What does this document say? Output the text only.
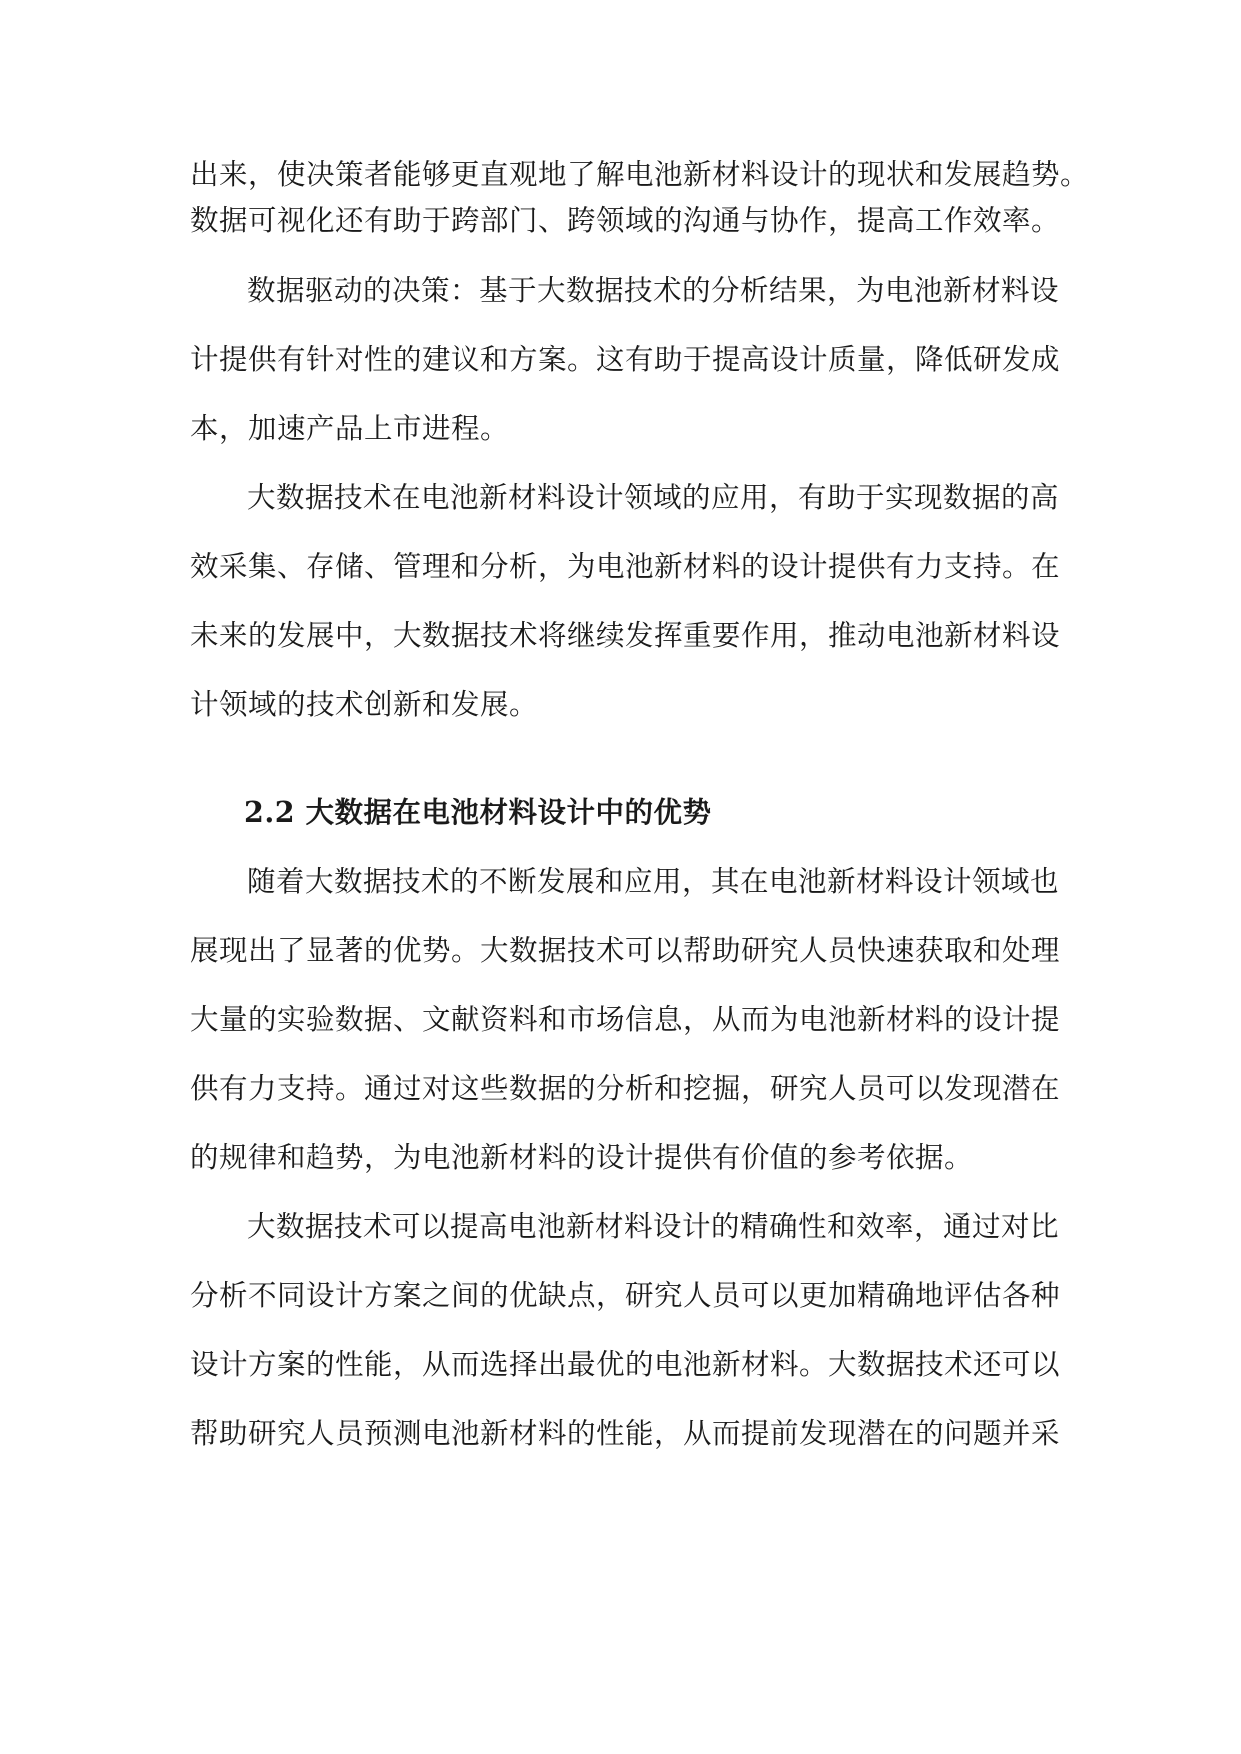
出来，使决策者能够更直观地了解电池新材料设计的现状和发展趋势。
数据可视化还有助于跨部门、跨领域的沟通与协作，提高工作效率。
数据驱动的决策：基于大数据技术的分析结果，为电池新材料设
计提供有针对性的建议和方案。这有助于提高设计质量，降低研发成
本，加速产品上市进程。
大数据技术在电池新材料设计领域的应用，有助于实现数据的高
效采集、存储、管理和分析，为电池新材料的设计提供有力支持。在
未来的发展中，大数据技术将继续发挥重要作用，推动电池新材料设
计领域的技术创新和发展。
2.2 大数据在电池材料设计中的优势
随着大数据技术的不断发展和应用，其在电池新材料设计领域也
展现出了显著的优势。大数据技术可以帮助研究人员快速获取和处理
大量的实验数据、文献资料和市场信息，从而为电池新材料的设计提
供有力支持。通过对这些数据的分析和挖掘，研究人员可以发现潜在
的规律和趋势，为电池新材料的设计提供有价值的参考依据。
大数据技术可以提高电池新材料设计的精确性和效率，通过对比
分析不同设计方案之间的优缺点，研究人员可以更加精确地评估各种
设计方案的性能，从而选择出最优的电池新材料。大数据技术还可以
帮助研究人员预测电池新材料的性能，从而提前发现潜在的问题并采
